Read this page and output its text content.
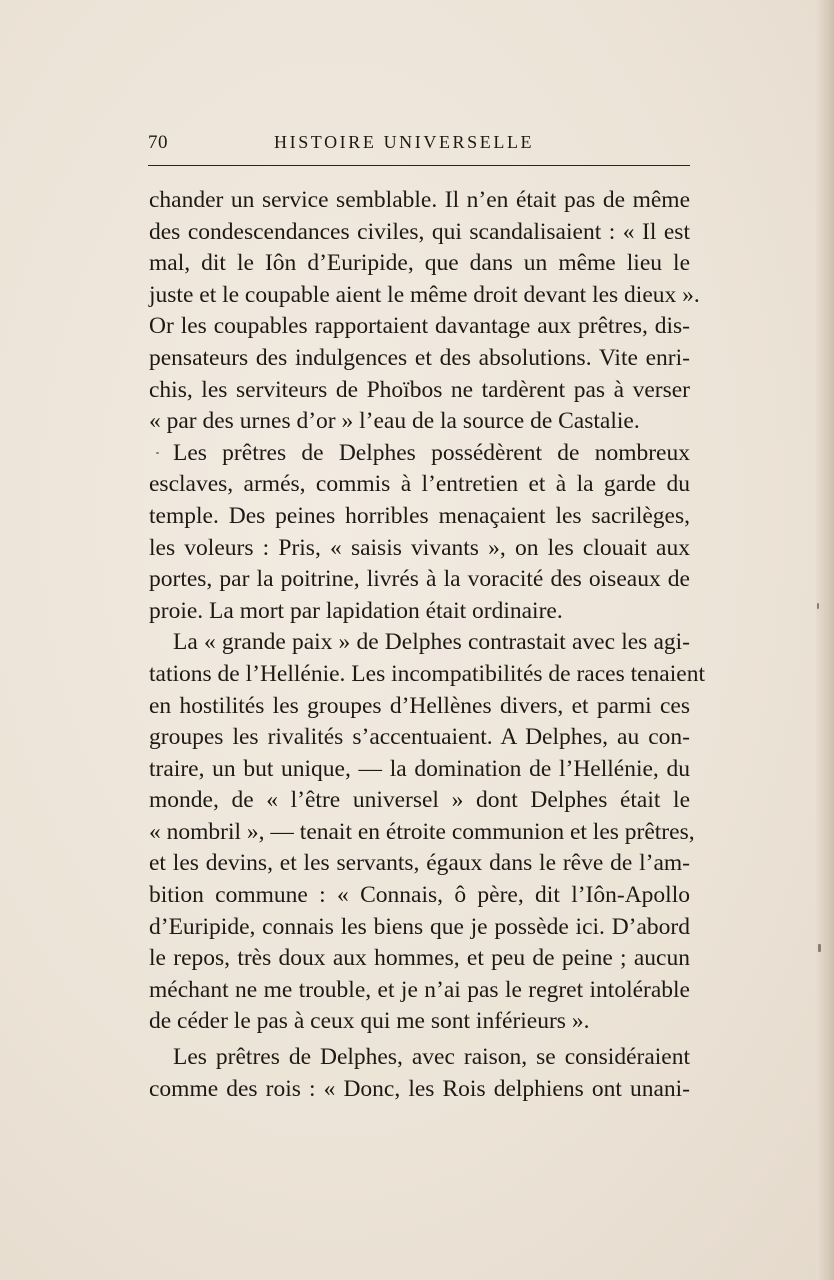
70	HISTOIRE UNIVERSELLE
chander un service semblable. Il n’en était pas de même
des condescendances civiles, qui scandalisaient : « Il est
mal, dit le Iôn d’Euripide, que dans un même lieu le
juste et le coupable aient le même droit devant les dieux ».
Or les coupables rapportaient davantage aux prêtres, dis-
pensateurs des indulgences et des absolutions. Vite enri-
chis, les serviteurs de Phoïbos ne tardèrent pas à verser
« par des urnes d’or » l’eau de la source de Castalie.
Les prêtres de Delphes possédèrent de nombreux
esclaves, armés, commis à l’entretien et à la garde du
temple. Des peines horribles menaçaient les sacrilèges,
les voleurs : Pris, « saisis vivants », on les clouait aux
portes, par la poitrine, livrés à la voracité des oiseaux de
proie. La mort par lapidation était ordinaire.
La « grande paix » de Delphes contrastait avec les agi-
tations de l’Hellénie. Les incompatibilités de races tenaient
en hostilités les groupes d’Hellènes divers, et parmi ces
groupes les rivalités s’accentuaient. A Delphes, au con-
traire, un but unique, — la domination de l’Hellénie, du
monde, de « l’être universel » dont Delphes était le
« nombril », — tenait en étroite communion et les prêtres,
et les devins, et les servants, égaux dans le rêve de l’am-
bition commune : « Connais, ô père, dit l’Iôn-Apollo
d’Euripide, connais les biens que je possède ici. D’abord
le repos, très doux aux hommes, et peu de peine ; aucun
méchant ne me trouble, et je n’ai pas le regret intolérable
de céder le pas à ceux qui me sont inférieurs ».
Les prêtres de Delphes, avec raison, se considéraient
comme des rois : « Donc, les Rois delphiens ont unani-
